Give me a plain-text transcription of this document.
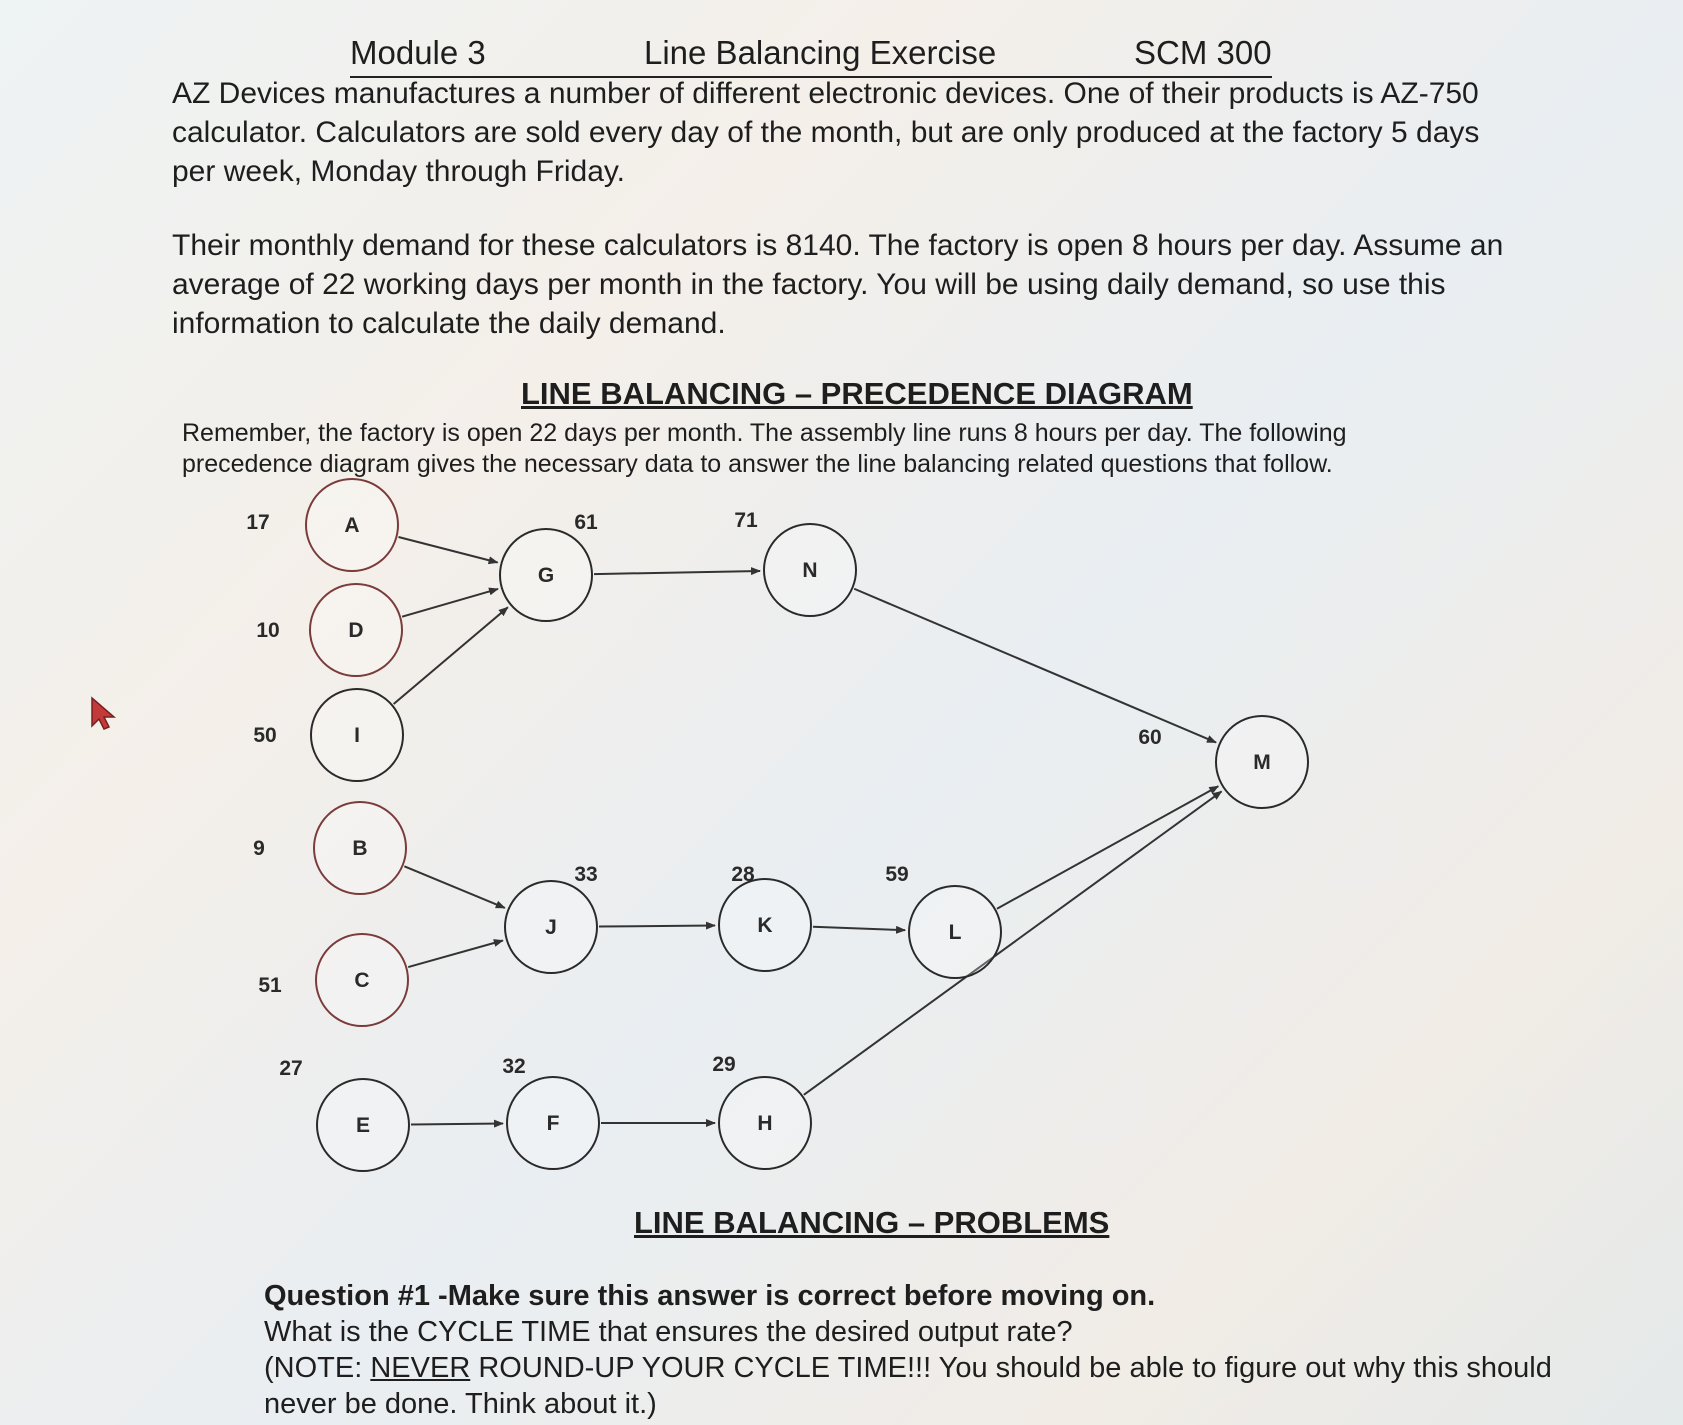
Module 3	Line Balancing Exercise	SCM 300

AZ Devices manufactures a number of different electronic devices. One of their products is AZ-750 calculator. Calculators are sold every day of the month, but are only produced at the factory 5 days per week, Monday through Friday.

Their monthly demand for these calculators is 8140. The factory is open 8 hours per day. Assume an average of 22 working days per month in the factory. You will be using daily demand, so use this information to calculate the daily demand.

LINE BALANCING – PRECEDENCE DIAGRAM

Remember, the factory is open 22 days per month. The assembly line runs 8 hours per day. The following precedence diagram gives the necessary data to answer the line balancing related questions that follow.

A
D
I
B
C
E
G	N
M
J	K	L
F	H
17
10
50
9
51
27
61	71
60
33	28	59
32	29
LINE BALANCING – PROBLEMS
Question #1 -Make sure this answer is correct before moving on.
What is the CYCLE TIME that ensures the desired output rate?
(NOTE: NEVER ROUND-UP YOUR CYCLE TIME!!! You should be able to figure out why this should never be done. Think about it.)
